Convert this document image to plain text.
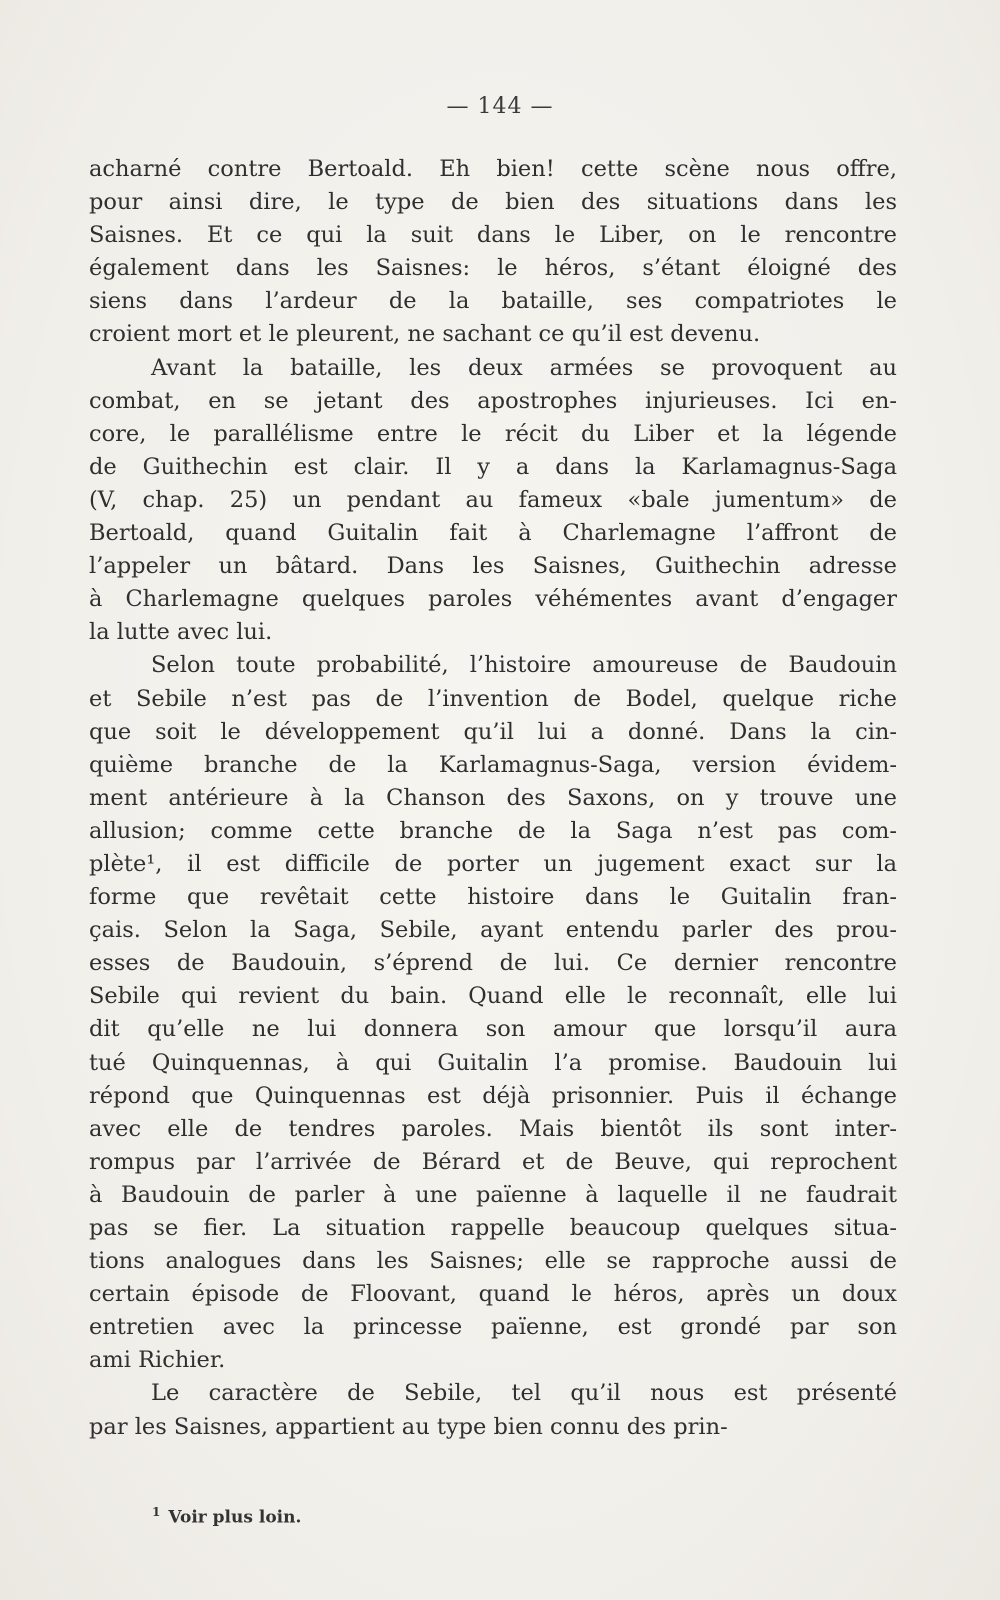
— 144 —
acharné contre Bertoald. Eh bien! cette scène nous offre,
pour ainsi dire, le type de bien des situations dans les
Saisnes. Et ce qui la suit dans le Liber, on le rencontre
également dans les Saisnes: le héros, s’étant éloigné des
siens dans l’ardeur de la bataille, ses compatriotes le
croient mort et le pleurent, ne sachant ce qu’il est devenu.
Avant la bataille, les deux armées se provoquent au
combat, en se jetant des apostrophes injurieuses. Ici en-
core, le parallélisme entre le récit du Liber et la légende
de Guithechin est clair. Il y a dans la Karlamagnus-Saga
(V, chap. 25) un pendant au fameux «bale jumentum» de
Bertoald, quand Guitalin fait à Charlemagne l’affront de
l’appeler un bâtard. Dans les Saisnes, Guithechin adresse
à Charlemagne quelques paroles véhémentes avant d’engager
la lutte avec lui.
Selon toute probabilité, l’histoire amoureuse de Baudouin
et Sebile n’est pas de l’invention de Bodel, quelque riche
que soit le développement qu’il lui a donné. Dans la cin-
quième branche de la Karlamagnus-Saga, version évidem-
ment antérieure à la Chanson des Saxons, on y trouve une
allusion; comme cette branche de la Saga n’est pas com-
plète¹, il est difficile de porter un jugement exact sur la
forme que revêtait cette histoire dans le Guitalin fran-
çais. Selon la Saga, Sebile, ayant entendu parler des prou-
esses de Baudouin, s’éprend de lui. Ce dernier rencontre
Sebile qui revient du bain. Quand elle le reconnaît, elle lui
dit qu’elle ne lui donnera son amour que lorsqu’il aura
tué Quinquennas, à qui Guitalin l’a promise. Baudouin lui
répond que Quinquennas est déjà prisonnier. Puis il échange
avec elle de tendres paroles. Mais bientôt ils sont inter-
rompus par l’arrivée de Bérard et de Beuve, qui reprochent
à Baudouin de parler à une païenne à laquelle il ne faudrait
pas se fier. La situation rappelle beaucoup quelques situa-
tions analogues dans les Saisnes; elle se rapproche aussi de
certain épisode de Floovant, quand le héros, après un doux
entretien avec la princesse païenne, est grondé par son
ami Richier.
Le caractère de Sebile, tel qu’il nous est présenté
par les Saisnes, appartient au type bien connu des prin-
$^1$ Voir plus loin.
